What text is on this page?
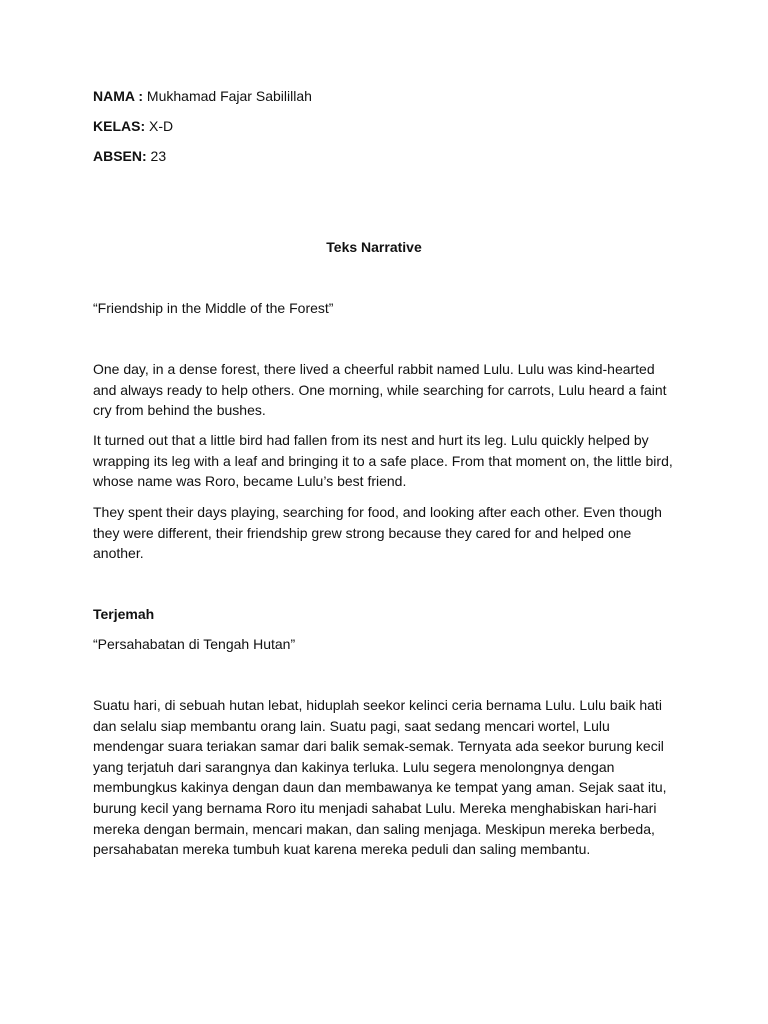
NAMA : Mukhamad Fajar Sabilillah
KELAS: X-D
ABSEN: 23
Teks Narrative

“Friendship in the Middle of the Forest”

One day, in a dense forest, there lived a cheerful rabbit named Lulu. Lulu was kind-hearted and always ready to help others. One morning, while searching for carrots, Lulu heard a faint cry from behind the bushes.

It turned out that a little bird had fallen from its nest and hurt its leg. Lulu quickly helped by wrapping its leg with a leaf and bringing it to a safe place. From that moment on, the little bird, whose name was Roro, became Lulu’s best friend.

They spent their days playing, searching for food, and looking after each other. Even though they were different, their friendship grew strong because they cared for and helped one another.

Terjemah

“Persahabatan di Tengah Hutan”

Suatu hari, di sebuah hutan lebat, hiduplah seekor kelinci ceria bernama Lulu. Lulu baik hati dan selalu siap membantu orang lain. Suatu pagi, saat sedang mencari wortel, Lulu mendengar suara teriakan samar dari balik semak-semak. Ternyata ada seekor burung kecil yang terjatuh dari sarangnya dan kakinya terluka. Lulu segera menolongnya dengan membungkus kakinya dengan daun dan membawanya ke tempat yang aman. Sejak saat itu, burung kecil yang bernama Roro itu menjadi sahabat Lulu. Mereka menghabiskan hari-hari mereka dengan bermain, mencari makan, dan saling menjaga. Meskipun mereka berbeda, persahabatan mereka tumbuh kuat karena mereka peduli dan saling membantu.
